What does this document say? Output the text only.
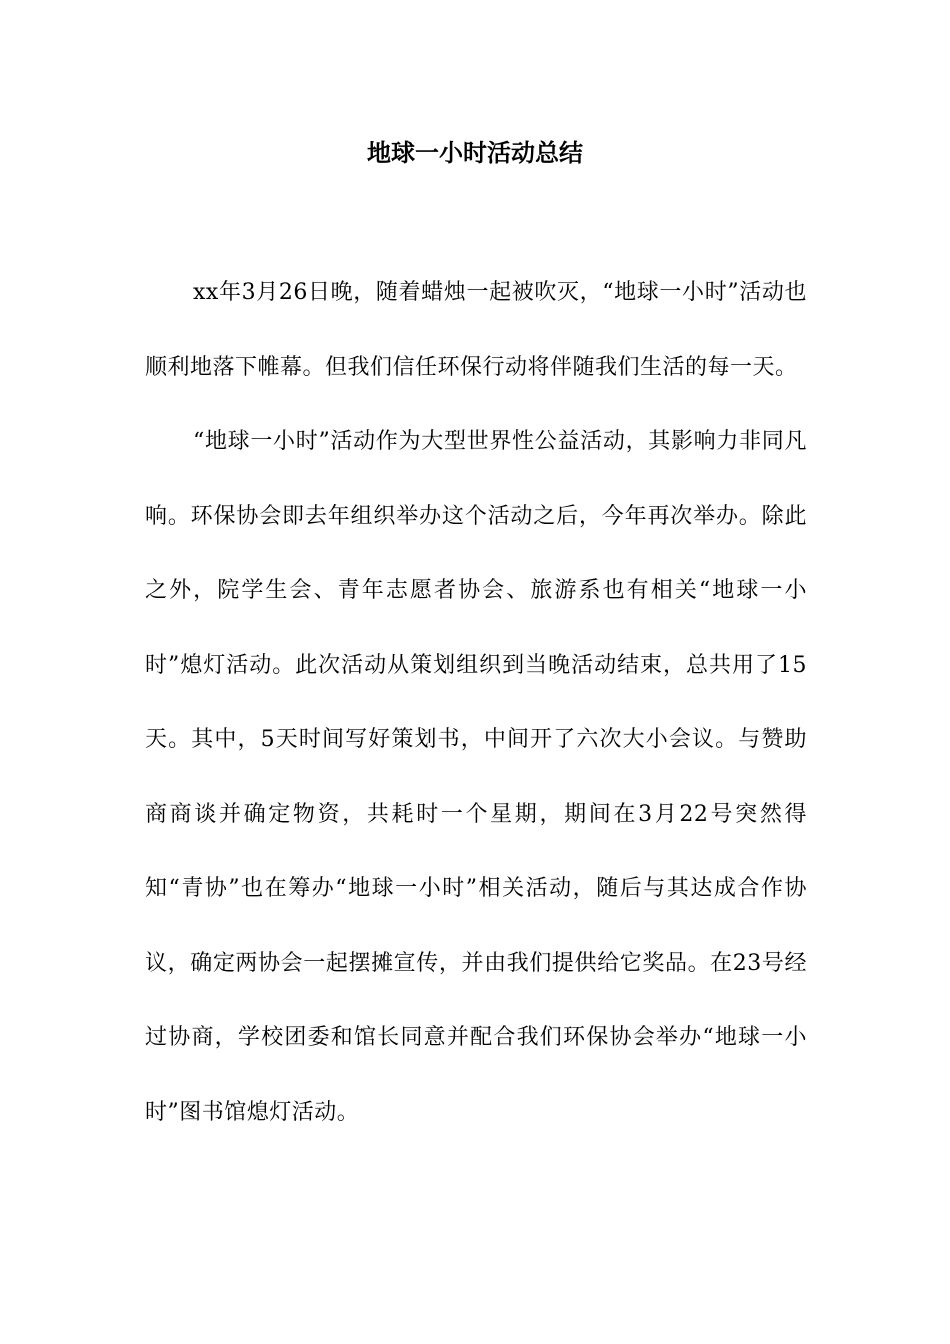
地球一小时活动总结

xx年3月26日晚，随着蜡烛一起被吹灭，“地球一小时”活动也顺利地落下帷幕。但我们信任环保行动将伴随我们生活的每一天。

“地球一小时”活动作为大型世界性公益活动，其影响力非同凡响。环保协会即去年组织举办这个活动之后，今年再次举办。除此之外，院学生会、青年志愿者协会、旅游系也有相关“地球一小时”熄灯活动。此次活动从策划组织到当晚活动结束，总共用了15天。其中，5天时间写好策划书，中间开了六次大小会议。与赞助商商谈并确定物资，共耗时一个星期，期间在3月22号突然得知“青协”也在筹办“地球一小时”相关活动，随后与其达成合作协议，确定两协会一起摆摊宣传，并由我们提供给它奖品。在23号经过协商，学校团委和馆长同意并配合我们环保协会举办“地球一小时”图书馆熄灯活动。
